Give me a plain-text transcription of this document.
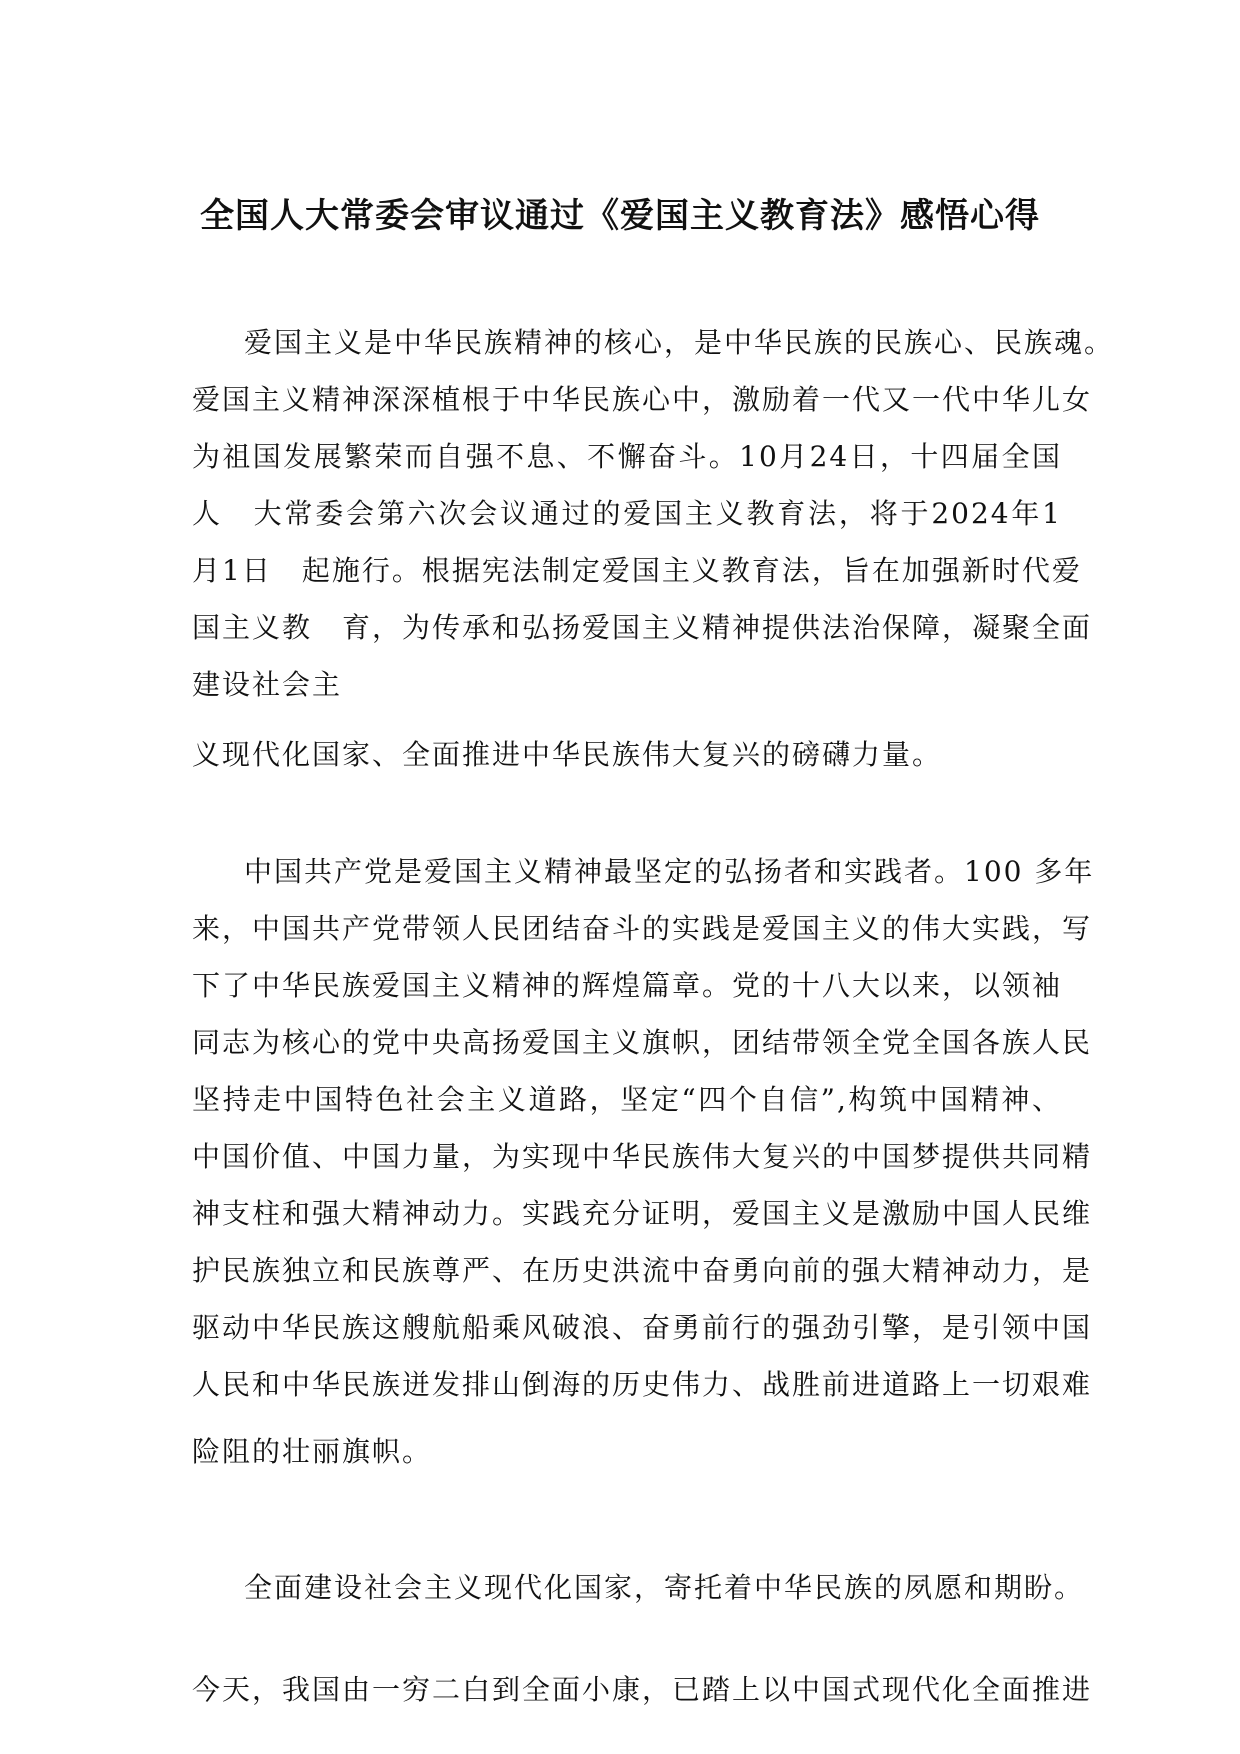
全国人大常委会审议通过《爱国主义教育法》感悟心得
爱国主义是中华民族精神的核心，是中华民族的民族心、民族魂。
爱国主义精神深深植根于中华民族心中，激励着一代又一代中华儿女
为祖国发展繁荣而自强不息、不懈奋斗。10月24日，十四届全国
人　大常委会第六次会议通过的爱国主义教育法，将于2024年1
月1日　起施行。根据宪法制定爱国主义教育法，旨在加强新时代爱
国主义教　育，为传承和弘扬爱国主义精神提供法治保障，凝聚全面
建设社会主
义现代化国家、全面推进中华民族伟大复兴的磅礴力量。
中国共产党是爱国主义精神最坚定的弘扬者和实践者。100 多年
来，中国共产党带领人民团结奋斗的实践是爱国主义的伟大实践，写
下了中华民族爱国主义精神的辉煌篇章。党的十八大以来，以领袖
同志为核心的党中央高扬爱国主义旗帜，团结带领全党全国各族人民
坚持走中国特色社会主义道路，坚定“四个自信”,构筑中国精神、
中国价值、中国力量，为实现中华民族伟大复兴的中国梦提供共同精
神支柱和强大精神动力。实践充分证明，爱国主义是激励中国人民维
护民族独立和民族尊严、在历史洪流中奋勇向前的强大精神动力，是
驱动中华民族这艘航船乘风破浪、奋勇前行的强劲引擎，是引领中国
人民和中华民族迸发排山倒海的历史伟力、战胜前进道路上一切艰难
险阻的壮丽旗帜。
全面建设社会主义现代化国家，寄托着中华民族的夙愿和期盼。
今天，我国由一穷二白到全面小康，已踏上以中国式现代化全面推进
